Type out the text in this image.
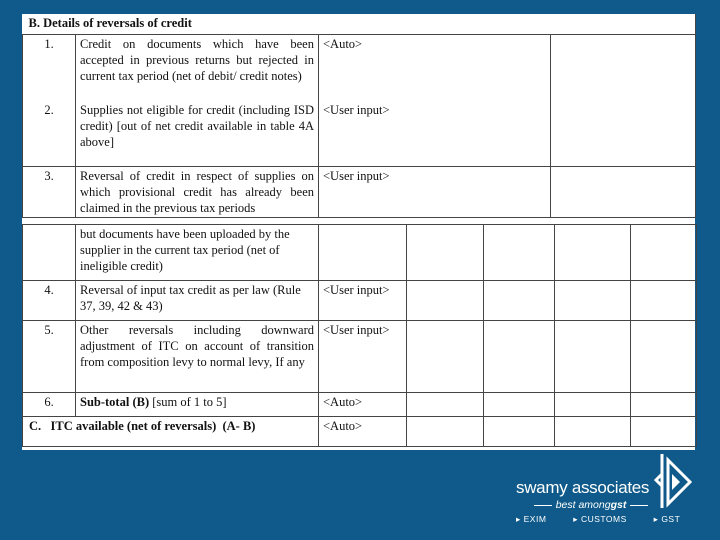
B. Details of reversals of credit			
1.	Credit on documents which have been accepted in previous returns but rejected in current tax period (net of debit/ credit notes)	<Auto>	
2.	Supplies not eligible for credit (including ISD credit) [out of net credit available in table 4A above]	<User input>	
3.	Reversal of credit in respect of supplies on which provisional credit has already been claimed in the previous tax periods	<User input>	
	but documents have been uploaded by the supplier in the current tax period (net of ineligible credit)					
4.	Reversal of input tax credit as per law (Rule 37, 39, 42 & 43)	<User input>				
5.	Other reversals including downward adjustment of ITC on account of transition from composition levy to normal levy, If any	<User input>				
6.	Sub-total (B) [sum of 1 to 5]	<Auto>				
C.   ITC available (net of reversals)  (A- B)		<Auto>				
swamy associates
best amonggst
▸ EXIM	▸ CUSTOMS	▸ GST
